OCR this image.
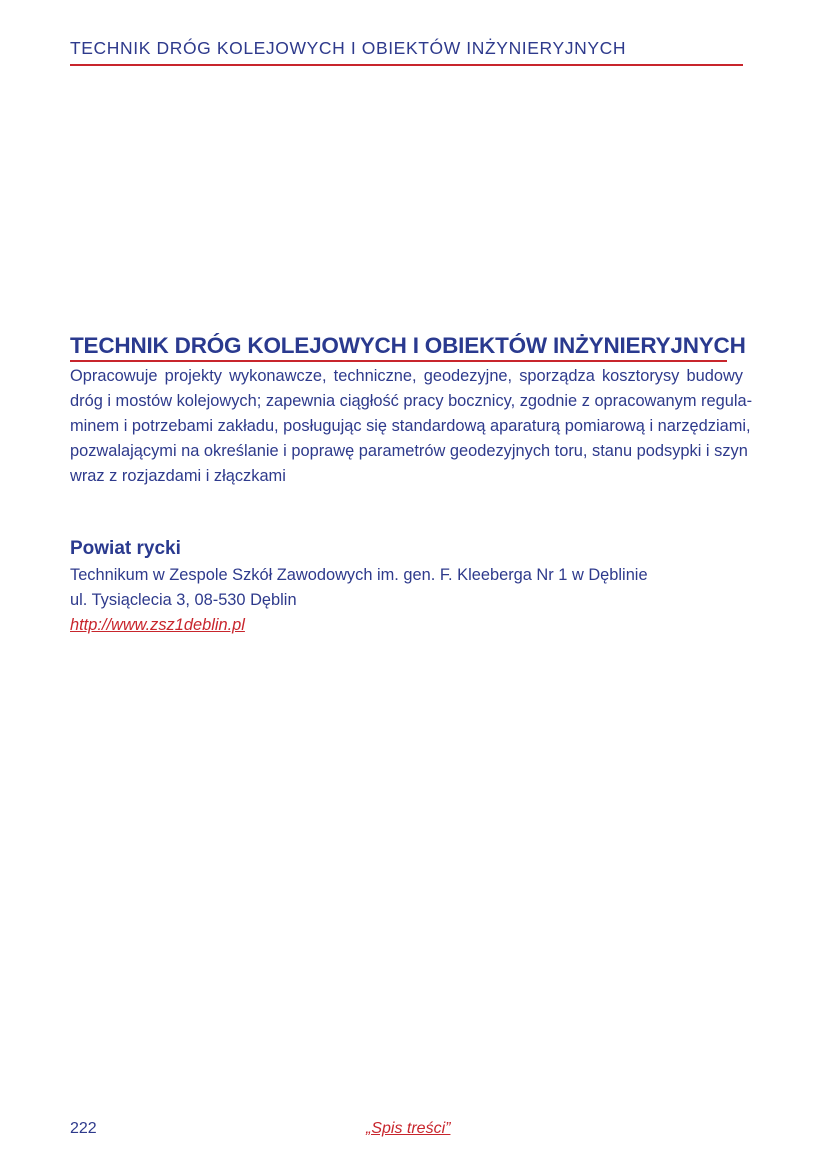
TECHNIK DRÓG KOLEJOWYCH I OBIEKTÓW INŻYNIERYJNYCH
TECHNIK DRÓG KOLEJOWYCH I OBIEKTÓW INŻYNIERYJNYCH
Opracowuje projekty wykonawcze, techniczne, geodezyjne, sporządza kosztorysy budowy
dróg i mostów kolejowych; zapewnia ciągłość pracy bocznicy, zgodnie z opracowanym regula-
minem i potrzebami zakładu, posługując się standardową aparaturą pomiarową i narzędziami,
pozwalającymi na określanie i poprawę parametrów geodezyjnych toru, stanu podsypki i szyn
wraz z rozjazdami i złączkami
Powiat rycki
Technikum w Zespole Szkół Zawodowych im. gen. F. Kleeberga Nr 1 w Dęblinie
ul. Tysiąclecia 3, 08-530 Dęblin
http://www.zsz1deblin.pl
222	„Spis treści”
